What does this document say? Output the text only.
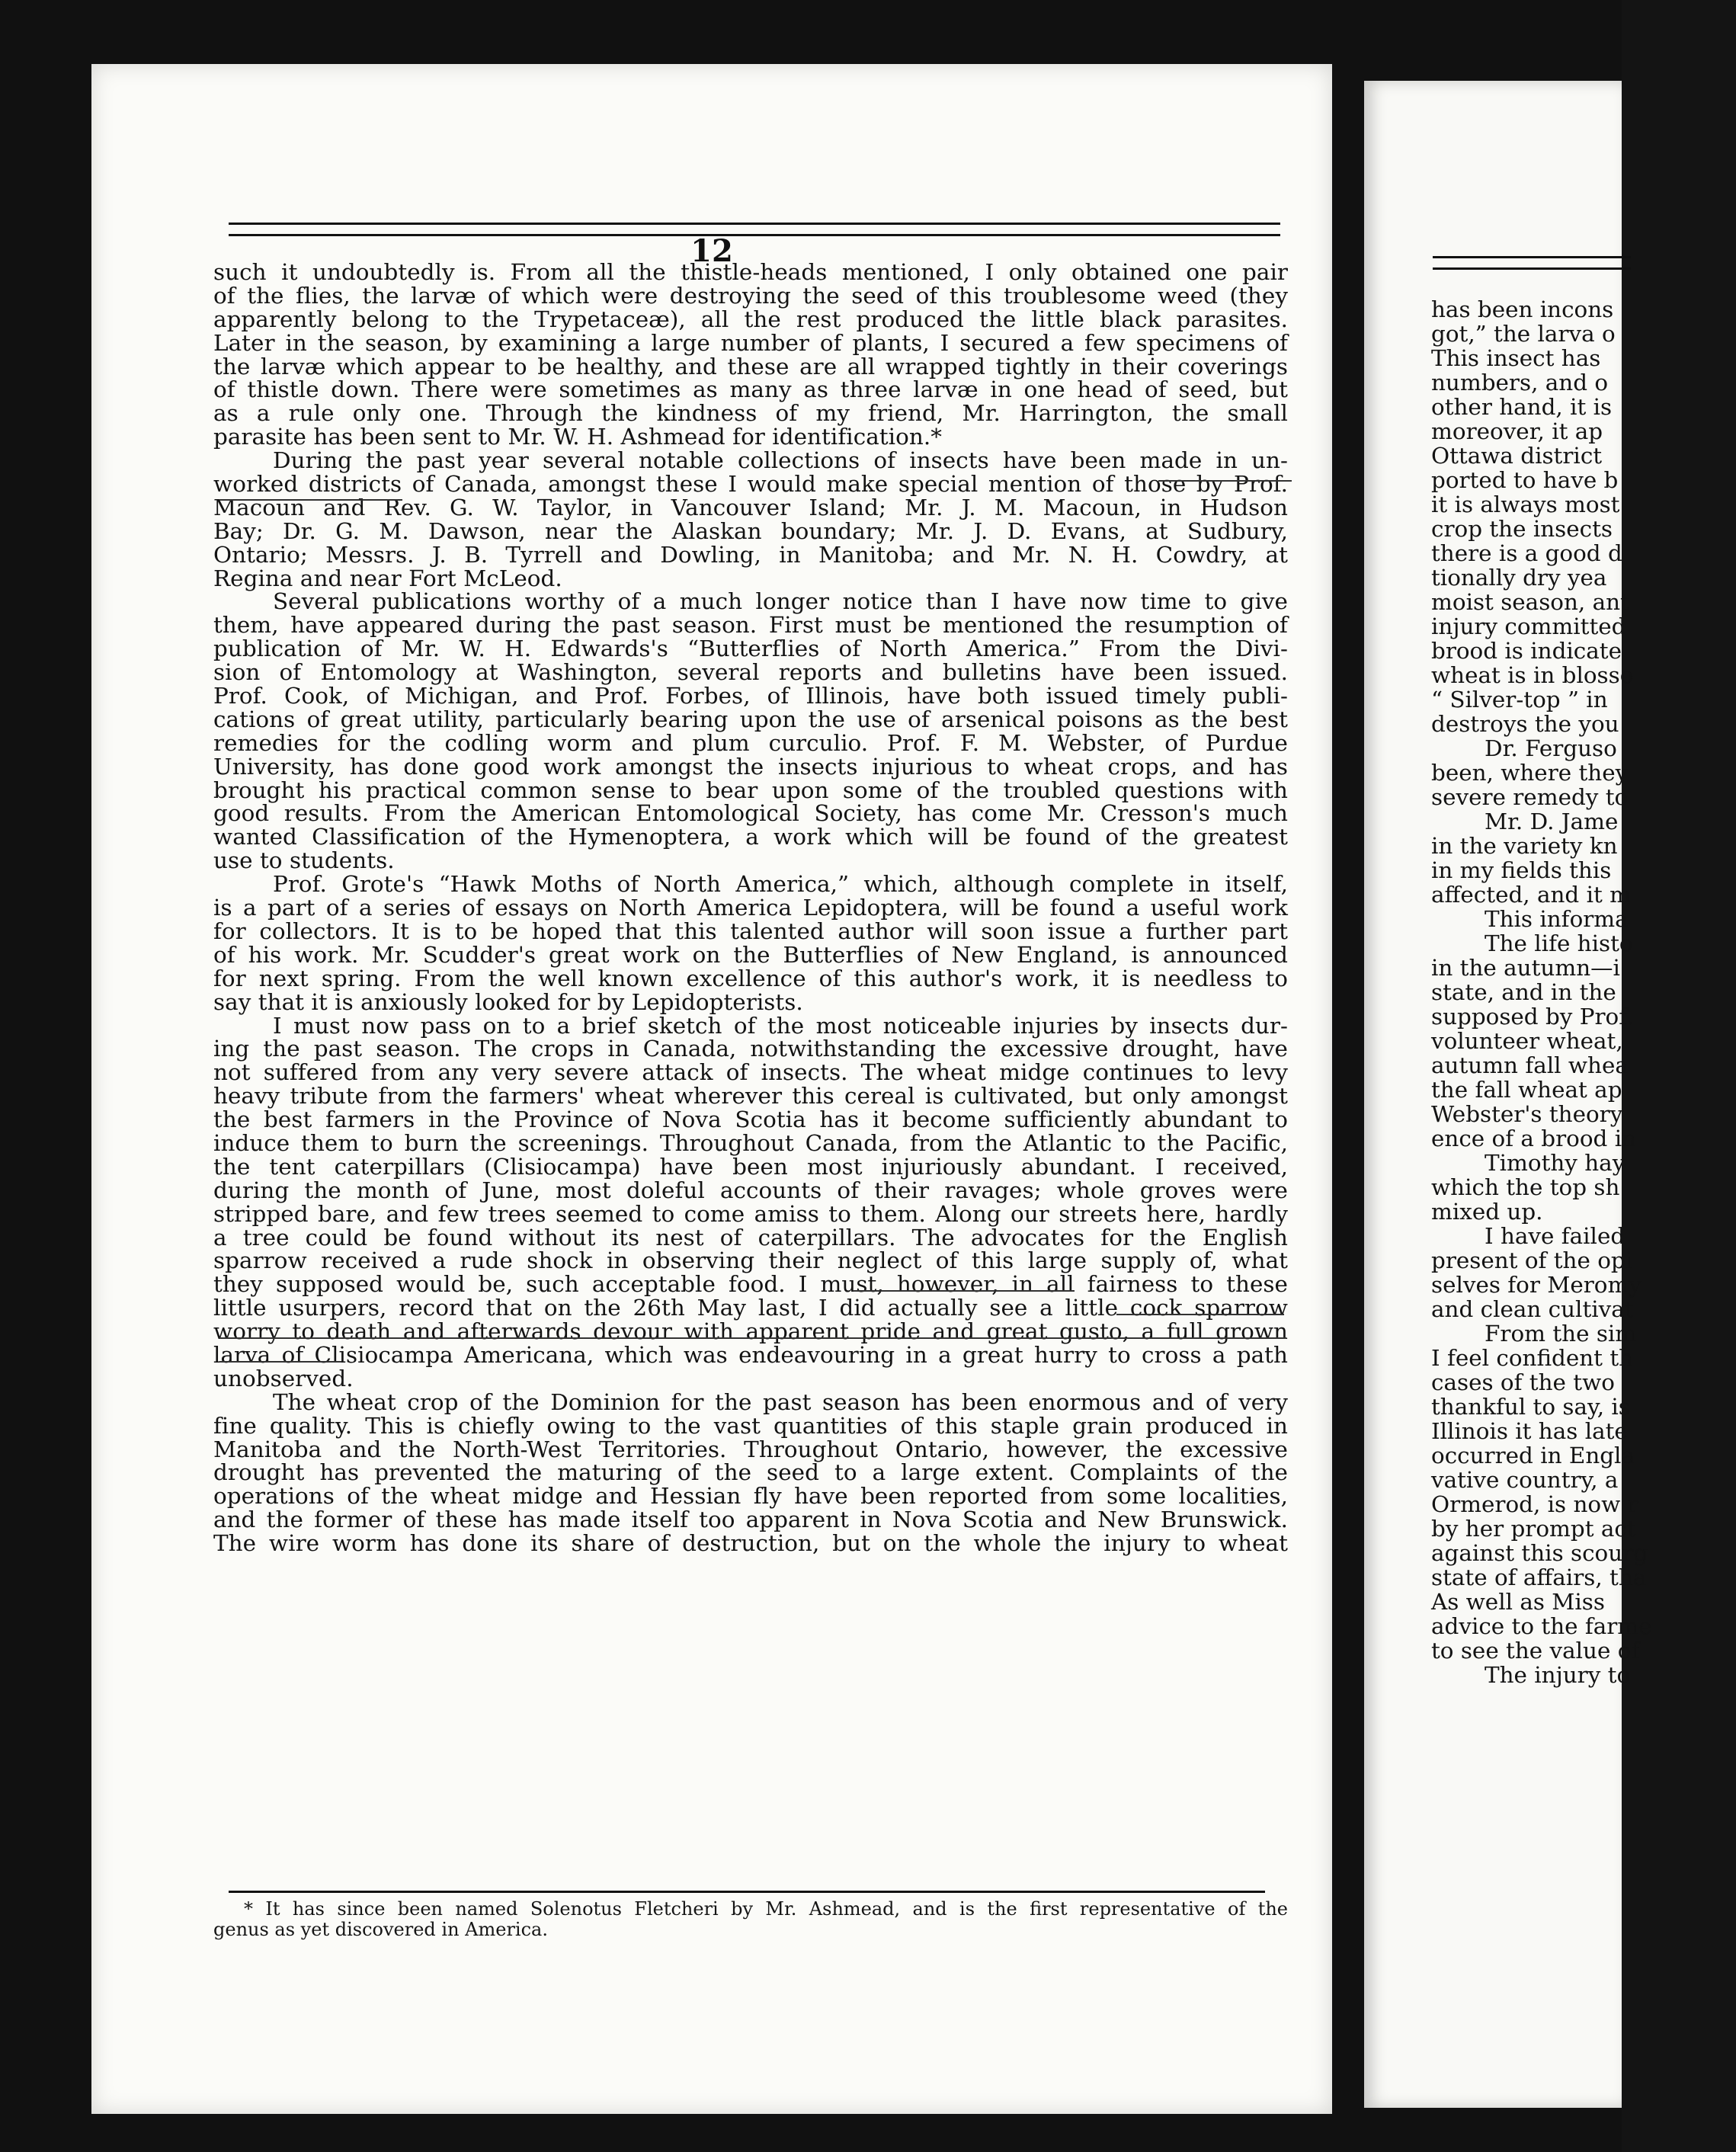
12
has been incons
got,” the larva o
This insect has
numbers, and o
other hand, it is
moreover, it ap
Ottawa district
ported to have b
it is always most
crop the insects
there is a good d
tionally dry yea
moist season, ant
injury committed
brood is indicate
wheat is in blosso
“ Silver-top ” in
destroys the you
Dr. Ferguso
been, where they
severe remedy to
Mr. D. Jame
in the variety kn
in my fields this
affected, and it m
This informa
The life histo
in the autumn—i
state, and in the
supposed by Prof.
volunteer wheat,
autumn fall whea
the fall wheat ap
Webster's theory
ence of a brood in
Timothy hay
which the top sh
mixed up.
I have failed
present of the opi
selves for Meromy
and clean cultivat
From the sim
I feel confident th
cases of the two
thankful to say, is
Illinois it has late
occurred in Engla
vative country, a
Ormerod, is now r
by her prompt act
against this scourg
state of affairs, tha
As well as Miss
advice to the farme
to see the value of
The injury to
such it undoubtedly is. From all the thistle-heads mentioned, I only obtained one pair
of the flies, the larvæ of which were destroying the seed of this troublesome weed (they
apparently belong to the Trypetaceæ), all the rest produced the little black parasites.
Later in the season, by examining a large number of plants, I secured a few specimens of
the larvæ which appear to be healthy, and these are all wrapped tightly in their coverings
of thistle down. There were sometimes as many as three larvæ in one head of seed, but
as a rule only one. Through the kindness of my friend, Mr. Harrington, the small
parasite has been sent to Mr. W. H. Ashmead for identification.*
During the past year several notable collections of insects have been made in un-
worked districts of Canada, amongst these I would make special mention of those by Prof.
Macoun and Rev. G. W. Taylor, in Vancouver Island; Mr. J. M. Macoun, in Hudson
Bay; Dr. G. M. Dawson, near the Alaskan boundary; Mr. J. D. Evans, at Sudbury,
Ontario; Messrs. J. B. Tyrrell and Dowling, in Manitoba; and Mr. N. H. Cowdry, at
Regina and near Fort McLeod.
Several publications worthy of a much longer notice than I have now time to give
them, have appeared during the past season. First must be mentioned the resumption of
publication of Mr. W. H. Edwards's “Butterflies of North America.” From the Divi-
sion of Entomology at Washington, several reports and bulletins have been issued.
Prof. Cook, of Michigan, and Prof. Forbes, of Illinois, have both issued timely publi-
cations of great utility, particularly bearing upon the use of arsenical poisons as the best
remedies for the codling worm and plum curculio. Prof. F. M. Webster, of Purdue
University, has done good work amongst the insects injurious to wheat crops, and has
brought his practical common sense to bear upon some of the troubled questions with
good results. From the American Entomological Society, has come Mr. Cresson's much
wanted Classification of the Hymenoptera, a work which will be found of the greatest
use to students.
Prof. Grote's “Hawk Moths of North America,” which, although complete in itself,
is a part of a series of essays on North America Lepidoptera, will be found a useful work
for collectors. It is to be hoped that this talented author will soon issue a further part
of his work. Mr. Scudder's great work on the Butterflies of New England, is announced
for next spring. From the well known excellence of this author's work, it is needless to
say that it is anxiously looked for by Lepidopterists.
I must now pass on to a brief sketch of the most noticeable injuries by insects dur-
ing the past season. The crops in Canada, notwithstanding the excessive drought, have
not suffered from any very severe attack of insects. The wheat midge continues to levy
heavy tribute from the farmers' wheat wherever this cereal is cultivated, but only amongst
the best farmers in the Province of Nova Scotia has it become sufficiently abundant to
induce them to burn the screenings. Throughout Canada, from the Atlantic to the Pacific,
the tent caterpillars (Clisiocampa) have been most injuriously abundant. I received,
during the month of June, most doleful accounts of their ravages; whole groves were
stripped bare, and few trees seemed to come amiss to them. Along our streets here, hardly
a tree could be found without its nest of caterpillars. The advocates for the English
sparrow received a rude shock in observing their neglect of this large supply of, what
they supposed would be, such acceptable food. I must, however, in all fairness to these
little usurpers, record that on the 26th May last, I did actually see a little cock sparrow
worry to death and afterwards devour with apparent pride and great gusto, a full grown
larva of Clisiocampa Americana, which was endeavouring in a great hurry to cross a path
unobserved.
The wheat crop of the Dominion for the past season has been enormous and of very
fine quality. This is chiefly owing to the vast quantities of this staple grain produced in
Manitoba and the North-West Territories. Throughout Ontario, however, the excessive
drought has prevented the maturing of the seed to a large extent. Complaints of the
operations of the wheat midge and Hessian fly have been reported from some localities,
and the former of these has made itself too apparent in Nova Scotia and New Brunswick.
The wire worm has done its share of destruction, but on the whole the injury to wheat
* It has since been named Solenotus Fletcheri by Mr. Ashmead, and is the first representative of the
genus as yet discovered in America.
